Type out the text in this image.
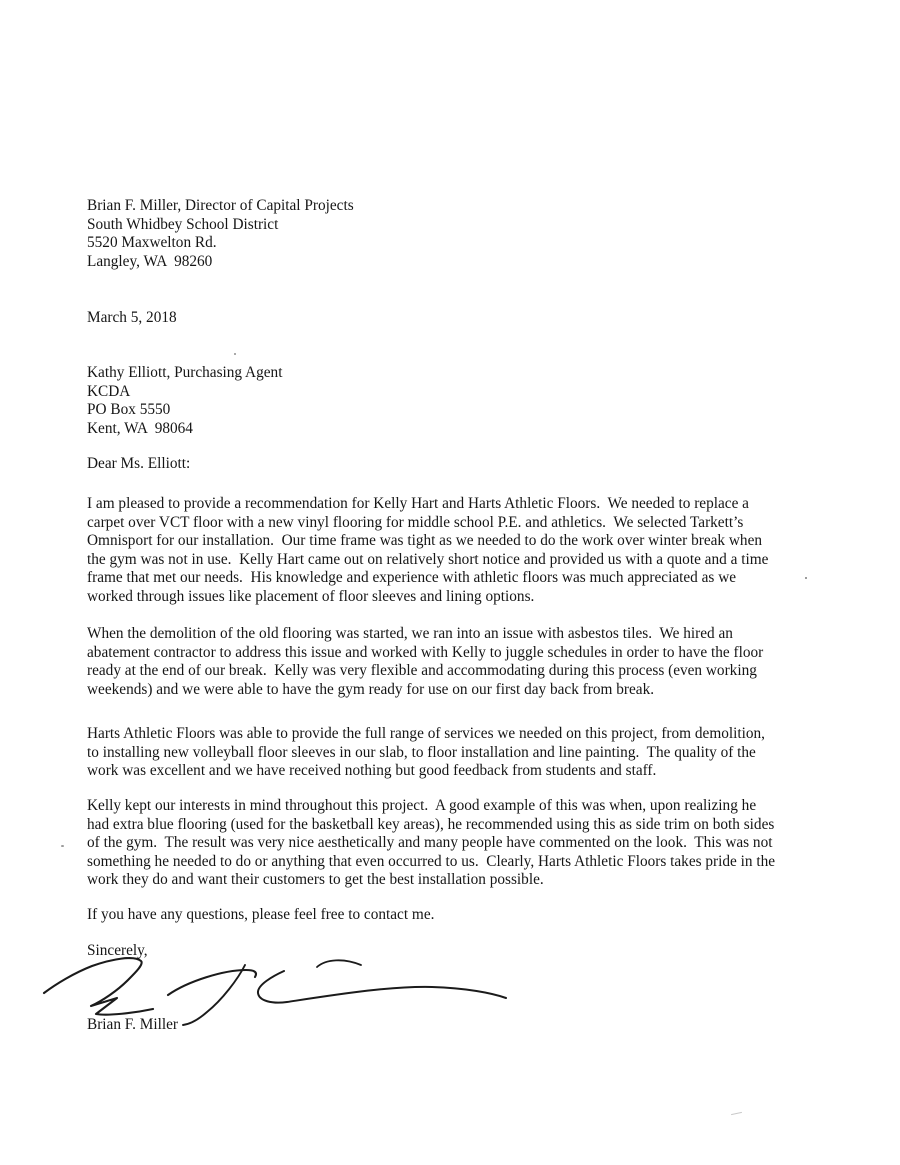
Brian F. Miller, Director of Capital Projects
South Whidbey School District
5520 Maxwelton Rd.
Langley, WA  98260
March 5, 2018
Kathy Elliott, Purchasing Agent
KCDA
PO Box 5550
Kent, WA  98064
Dear Ms. Elliott:
I am pleased to provide a recommendation for Kelly Hart and Harts Athletic Floors.  We needed to replace a
carpet over VCT floor with a new vinyl flooring for middle school P.E. and athletics.  We selected Tarkett’s
Omnisport for our installation.  Our time frame was tight as we needed to do the work over winter break when
the gym was not in use.  Kelly Hart came out on relatively short notice and provided us with a quote and a time
frame that met our needs.  His knowledge and experience with athletic floors was much appreciated as we
worked through issues like placement of floor sleeves and lining options.
When the demolition of the old flooring was started, we ran into an issue with asbestos tiles.  We hired an
abatement contractor to address this issue and worked with Kelly to juggle schedules in order to have the floor
ready at the end of our break.  Kelly was very flexible and accommodating during this process (even working
weekends) and we were able to have the gym ready for use on our first day back from break.
Harts Athletic Floors was able to provide the full range of services we needed on this project, from demolition,
to installing new volleyball floor sleeves in our slab, to floor installation and line painting.  The quality of the
work was excellent and we have received nothing but good feedback from students and staff.
Kelly kept our interests in mind throughout this project.  A good example of this was when, upon realizing he
had extra blue flooring (used for the basketball key areas), he recommended using this as side trim on both sides
of the gym.  The result was very nice aesthetically and many people have commented on the look.  This was not
something he needed to do or anything that even occurred to us.  Clearly, Harts Athletic Floors takes pride in the
work they do and want their customers to get the best installation possible.
If you have any questions, please feel free to contact me.
Sincerely,
Brian F. Miller
